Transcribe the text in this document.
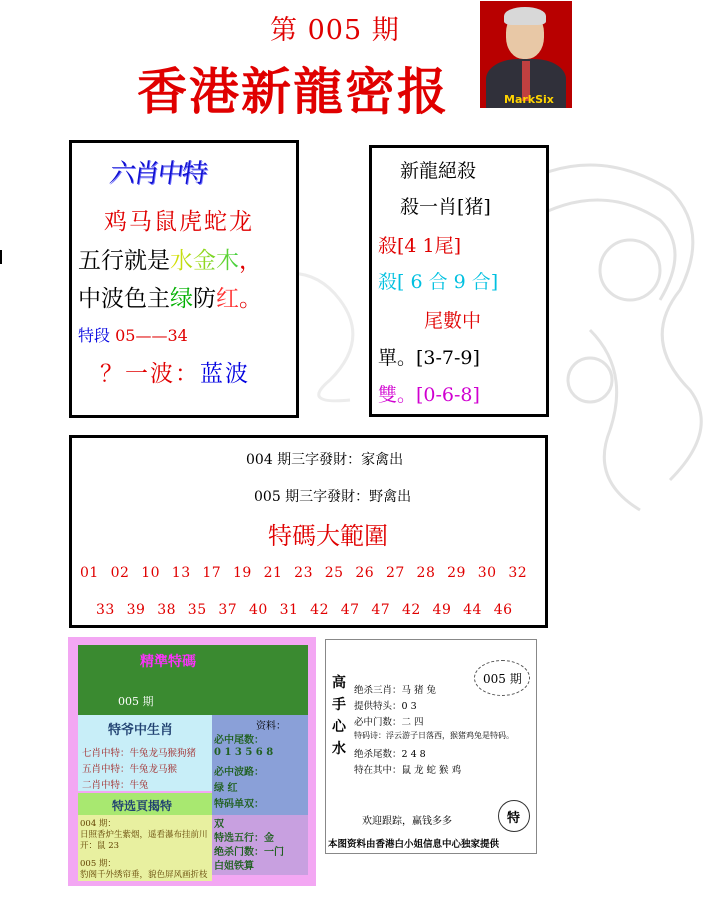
第 005 期
香港新龍密报	MarkSix
六肖中特
鸡马鼠虎蛇龙
五行就是水金木，
中波色主绿防红。
特段 05——34
？一波：蓝波
新龍絕殺
殺一肖[猪]
殺[4 1尾]
殺[ 6 合 9 合]
尾數中
單。[3-7-9]
雙。[0-6-8]
004 期三字發財：家禽出
005 期三字發財：野禽出
特碼大範圍
01 02 10 13 17 19 21 23 25 26 27 28 29 30 32
33 39 38 35 37 40 31 42 47 47 42 49 44 46
精準特碼
005 期
特爷中生肖
七肖中特：牛兔龙马猴狗猪
五肖中特：牛兔龙马猴
二肖中特：牛兔
资料：
必中尾数：
0 1 3 5 6 8
必中波路：
绿 红
特码单双：
双
特选五行：金
绝杀门数：一门
白姐铁算
特选頁揭特
004 期：
日照香炉生紫烟，遥看瀑布挂前川
开：鼠 23
005 期：
豹阁千外绣帘垂，貌色屏风画折枝
高手心水
005 期
绝杀三肖：马 猪 兔
提供特头：0 3
必中门数：二 四
特码诗：浮云游子日落西，猴猪鸡兔是特码。
绝杀尾数：2 4 8
特在其中：鼠 龙 蛇 猴 鸡
欢迎跟踪，赢钱多多	特
本图资料由香港白小姐信息中心独家提供
